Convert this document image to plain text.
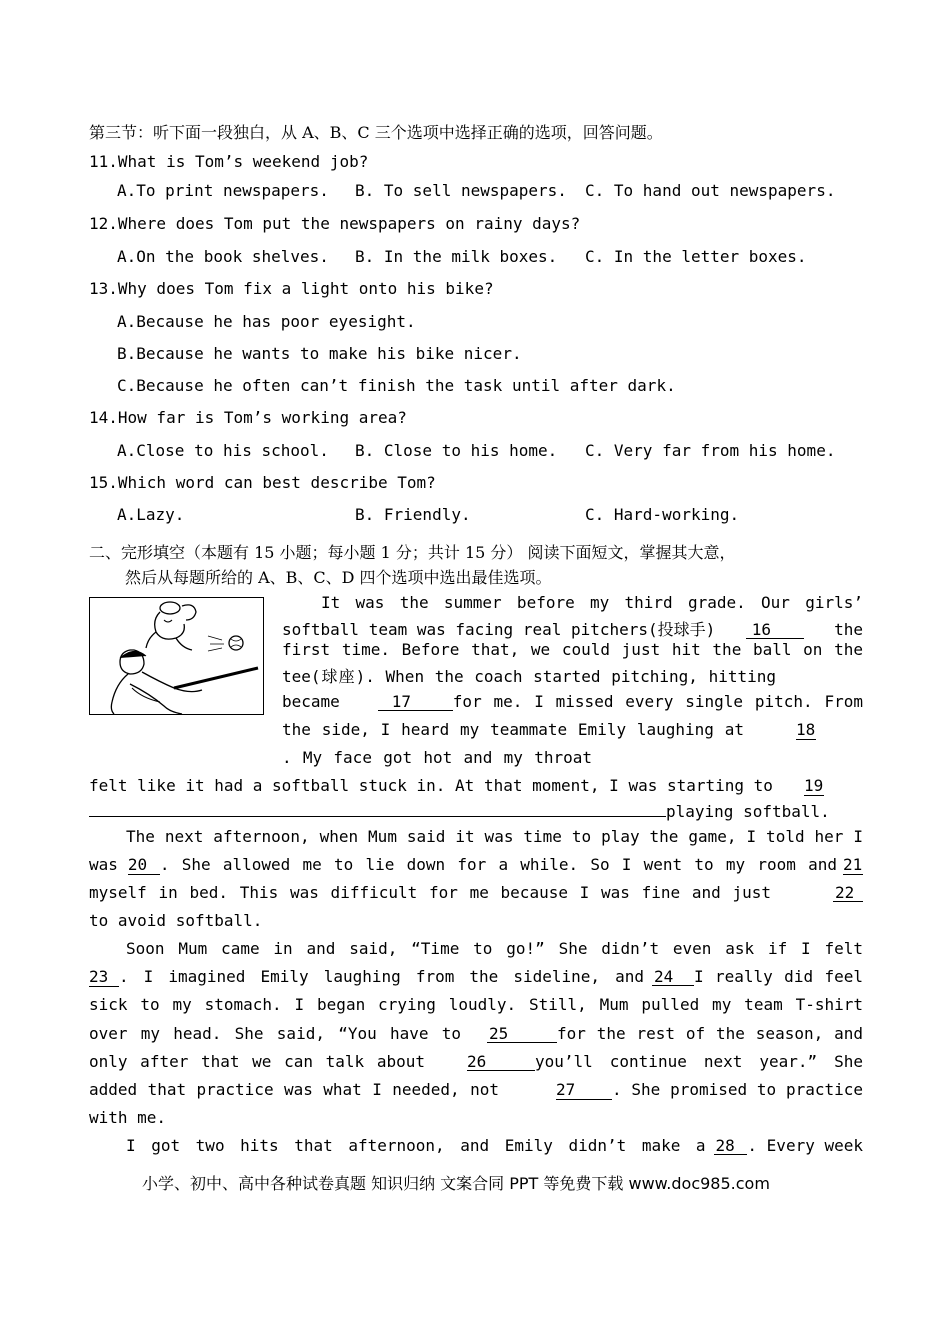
第三节：听下面一段独白，从 A、B、C 三个选项中选择正确的选项，回答问题。
11.What is Tom’s weekend job?
A.To print newspapers. B. To sell newspapers. C. To hand out newspapers.
12.Where does Tom put the newspapers on rainy days?
A.On the book shelves. B. In the milk boxes. C. In the letter boxes.
13.Why does Tom fix a light onto his bike?
A.Because he has poor eyesight.
B.Because he wants to make his bike nicer.
C.Because he often can’t finish the task until after dark.
14.How far is Tom’s working area?
A.Close to his school. B. Close to his home. C. Very far from his home.
15.Which word can best describe Tom?
A.Lazy.	B. Friendly.	C. Hard-working.
二、完形填空（本题有 15 小题；每小题 1 分；共计 15 分） 阅读下面短文，掌握其大意，
然后从每题所给的 A、B、C、D 四个选项中选出最佳选项。
It was the summer before my third grade. Our girls’
softball team was facing real pitchers(投球手)	16	the
first time. Before that, we could just hit the ball on the
tee(球座). When the coach started pitching, hitting
became	17	for me. I missed every single pitch. From
the side, I heard my teammate Emily laughing at	18
. My face got hot and my throat
felt like it had a softball stuck in. At that moment, I was starting to 19
playing softball.
The next afternoon, when Mum said it was time to play the game, I told her I
was 20 . She allowed me to lie down for a while. So I went to my room and 21
myself in bed. This was difficult for me because I was fine and just	22
to avoid softball.
Soon Mum came in and said, “Time to go!” She didn’t even ask if I felt
23 . I imagined Emily laughing from the sideline, and 24	I really did feel
sick to my stomach. I began crying loudly. Still, Mum pulled my team T-shirt
over my head. She said, “You have to 25	for the rest of the season, and
only after that we can talk about	26	you’ll continue next year.” She
added that practice was what I needed, not	27	. She promised to practice
with me.
I got two hits that afternoon, and Emily didn’t make a 28 . Every week
小学、初中、高中各种试卷真题 知识归纳 文案合同 PPT 等免费下载 www.doc985.com
